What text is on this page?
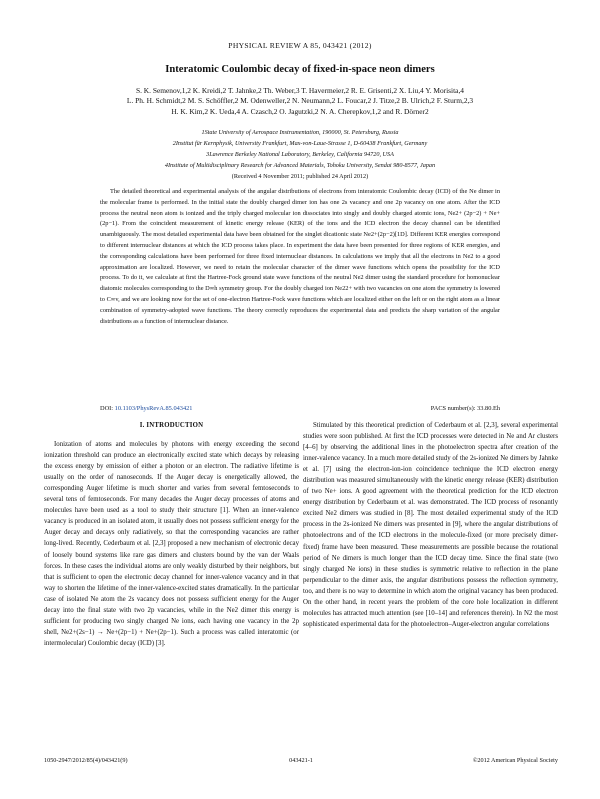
PHYSICAL REVIEW A 85, 043421 (2012)
Interatomic Coulombic decay of fixed-in-space neon dimers
S. K. Semenov,1,2 K. Kreidi,2 T. Jahnke,2 Th. Weber,3 T. Havermeier,2 R. E. Grisenti,2 X. Liu,4 Y. Morisita,4
L. Ph. H. Schmidt,2 M. S. Schöffler,2 M. Odenweller,2 N. Neumann,2 L. Foucar,2 J. Titze,2 B. Ulrich,2 F. Sturm,2,3
H. K. Kim,2 K. Ueda,4 A. Czasch,2 O. Jagutzki,2 N. A. Cherepkov,1,2 and R. Dörner2
1State University of Aerospace Instrumentation, 190000, St. Petersburg, Russia
2Institut für Kernphysik, University Frankfurt, Max-von-Laue-Strasse 1, D-60438 Frankfurt, Germany
3Lawrence Berkeley National Laboratory, Berkeley, California 94720, USA
4Institute of Multidisciplinary Research for Advanced Materials, Tohoku University, Sendai 980-8577, Japan
(Received 4 November 2011; published 24 April 2012)
The detailed theoretical and experimental analysis of the angular distributions of electrons from interatomic Coulombic decay (ICD) of the Ne dimer in the molecular frame is performed. In the initial state the doubly charged dimer ion has one 2s vacancy and one 2p vacancy on one atom. After the ICD process the neutral neon atom is ionized and the triply charged molecular ion dissociates into singly and doubly charged atomic ions, Ne2+ (2p−2) + Ne+ (2p−1). From the coincident measurement of kinetic energy release (KER) of the ions and the ICD electron the decay channel can be identified unambiguously. The most detailed experimental data have been obtained for the singlet dicationic state Ne2+(2p−2)[1D]. Different KER energies correspond to different internuclear distances at which the ICD process takes place. In experiment the data have been presented for three regions of KER energies, and the corresponding calculations have been performed for three fixed internuclear distances. In calculations we imply that all the electrons in Ne2 to a good approximation are localized. However, we need to retain the molecular character of the dimer wave functions which opens the possibility for the ICD process. To do it, we calculate at first the Hartree-Fock ground state wave functions of the neutral Ne2 dimer using the standard procedure for homonuclear diatomic molecules corresponding to the D∞h symmetry group. For the doubly charged ion Ne22+ with two vacancies on one atom the symmetry is lowered to C∞v, and we are looking now for the set of one-electron Hartree-Fock wave functions which are localized either on the left or on the right atom as a linear combination of symmetry-adopted wave functions. The theory correctly reproduces the experimental data and predicts the sharp variation of the angular distributions as a function of internuclear distance.
DOI: 10.1103/PhysRevA.85.043421	PACS number(s): 33.80.Eh

I. INTRODUCTION

Ionization of atoms and molecules by photons with energy exceeding the second ionization threshold can produce an electronically excited state which decays by releasing the excess energy by emission of either a photon or an electron. The radiative lifetime is usually on the order of nanoseconds. If the Auger decay is energetically allowed, the corresponding Auger lifetime is much shorter and varies from several femtoseconds to several tens of femtoseconds. For many decades the Auger decay processes of atoms and molecules have been used as a tool to study their structure [1]. When an inner-valence vacancy is produced in an isolated atom, it usually does not possess sufficient energy for the Auger decay and decays only radiatively, so that the corresponding vacancies are rather long-lived. Recently, Cederbaum et al. [2,3] proposed a new mechanism of electronic decay of loosely bound systems like rare gas dimers and clusters bound by the van der Waals forces. In these cases the individual atoms are only weakly disturbed by their neighbors, but that is sufficient to open the electronic decay channel for inner-valence vacancy and in that way to shorten the lifetime of the inner-valence-excited states dramatically. In the particular case of isolated Ne atom the 2s vacancy does not possess sufficient energy for the Auger decay into the final state with two 2p vacancies, while in the Ne2 dimer this energy is sufficient for producing two singly charged Ne ions, each having one vacancy in the 2p shell, Ne2+(2s−1) → Ne+(2p−1) + Ne+(2p−1). Such a process was called interatomic (or intermolecular) Coulombic decay (ICD) [3].

Stimulated by this theoretical prediction of Cederbaum et al. [2,3], several experimental studies were soon published. At first the ICD processes were detected in Ne and Ar clusters [4–6] by observing the additional lines in the photoelectron spectra after creation of the inner-valence vacancy. In a much more detailed study of the 2s-ionized Ne dimers by Jahnke et al. [7] using the electron-ion-ion coincidence technique the ICD electron energy distribution was measured simultaneously with the kinetic energy release (KER) distribution of two Ne+ ions. A good agreement with the theoretical prediction for the ICD electron energy distribution by Cederbaum et al. was demonstrated. The ICD process of resonantly excited Ne2 dimers was studied in [8]. The most detailed experimental study of the ICD process in the 2s-ionized Ne dimers was presented in [9], where the angular distributions of photoelectrons and of the ICD electrons in the molecule-fixed (or more precisely dimer-fixed) frame have been measured. These measurements are possible because the rotational period of Ne dimers is much longer than the ICD decay time. Since the final state (two singly charged Ne ions) in these studies is symmetric relative to reflection in the plane perpendicular to the dimer axis, the angular distributions possess the reflection symmetry, too, and there is no way to determine in which atom the original vacancy has been produced. On the other hand, in recent years the problem of the core hole localization in different molecules has attracted much attention (see [10–14] and references therein). In N2 the most sophisticated experimental data for the photoelectron–Auger-electron angular correlations

1050-2947/2012/85(4)/043421(9)	043421-1	©2012 American Physical Society
